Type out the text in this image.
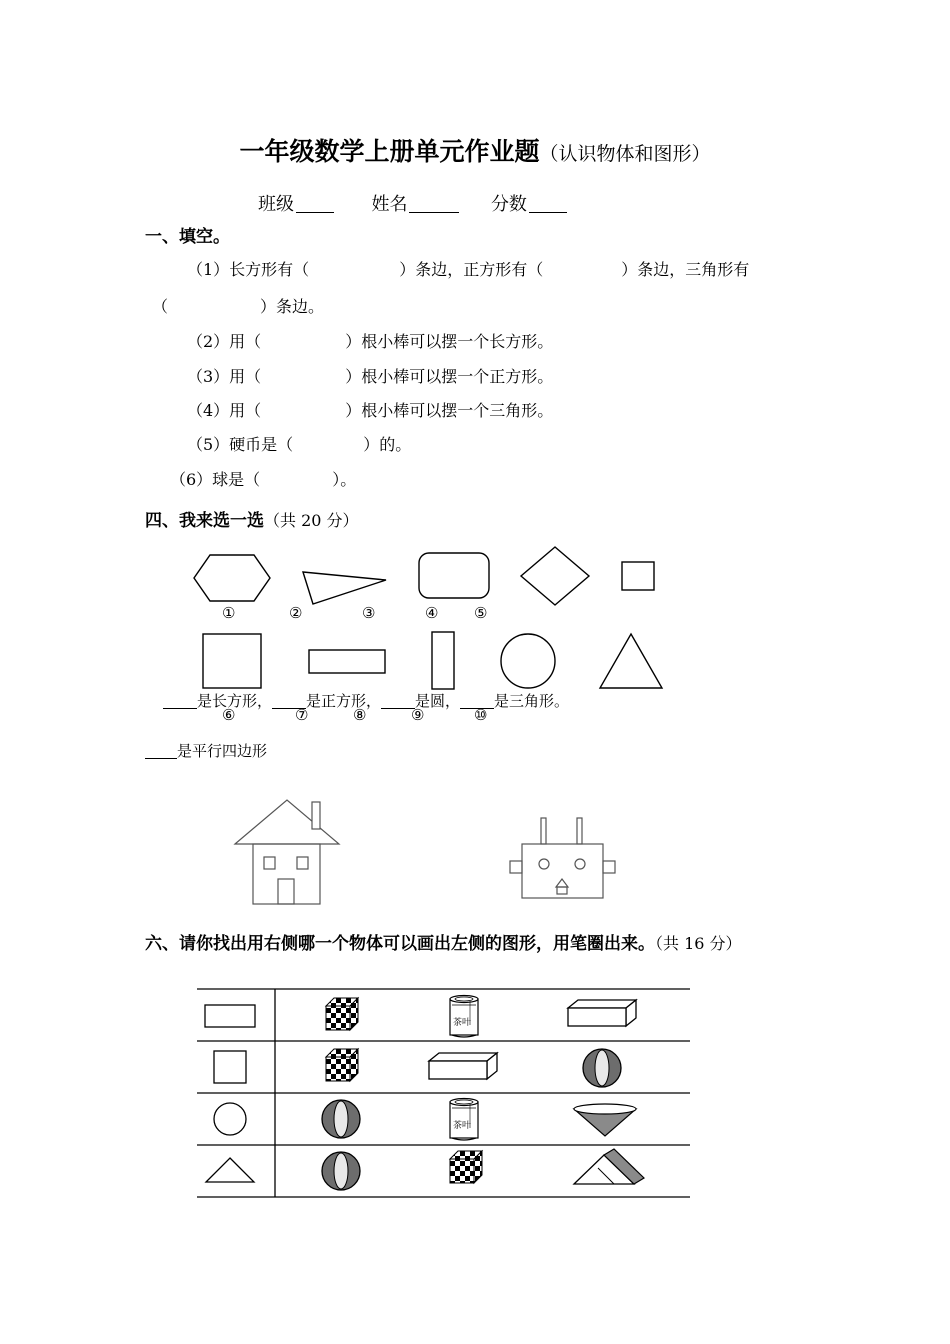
一年级数学上册单元作业题（认识物体和图形）
班级	姓名	分数
一、填空。
（1）长方形有（	）条边，正方形有（	）条边，三角形有
（	）条边。
（2）用（	）根小棒可以摆一个长方形。
（3）用（	）根小棒可以摆一个正方形。
（4）用（	）根小棒可以摆一个三角形。
（5）硬币是（	）的。
（6）球是（	）。
四、我来选一选（共 20 分）
①	②	③	④ ⑤
⑥	⑦	⑧	⑨	⑩
是长方形， 是正方形， 是圆， 是三角形。
是平行四边形
六、请你找出用右侧哪一个物体可以画出左侧的图形，用笔圈出来。（共 16 分）
茶叶
茶叶
